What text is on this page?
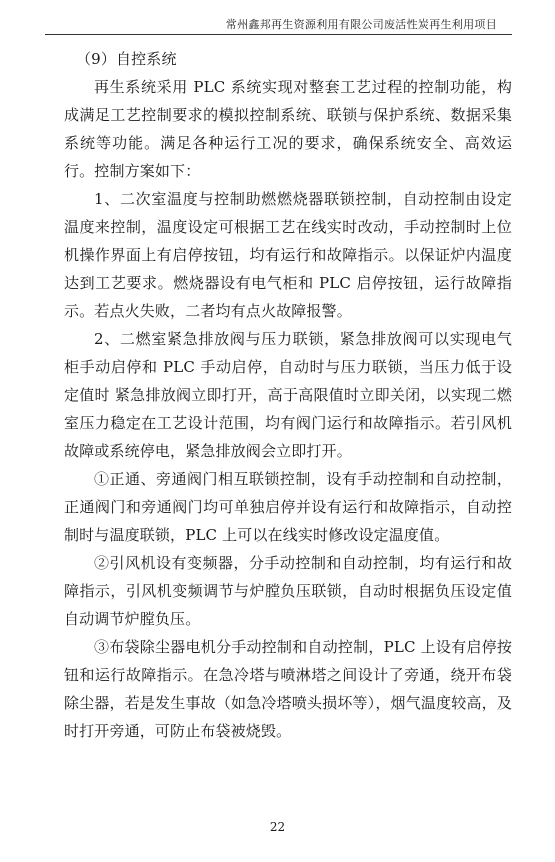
常州鑫邦再生资源利用有限公司废活性炭再生利用项目
（9）自控系统

再生系统采用 PLC 系统实现对整套工艺过程的控制功能，构成满足工艺控制要求的模拟控制系统、联锁与保护系统、数据采集系统等功能。满足各种运行工况的要求，确保系统安全、高效运行。控制方案如下：

1、二次室温度与控制助燃燃烧器联锁控制，自动控制由设定温度来控制，温度设定可根据工艺在线实时改动，手动控制时上位机操作界面上有启停按钮，均有运行和故障指示。以保证炉内温度达到工艺要求。燃烧器设有电气柜和 PLC 启停按钮，运行故障指示。若点火失败，二者均有点火故障报警。

2、二燃室紧急排放阀与压力联锁，紧急排放阀可以实现电气柜手动启停和 PLC 手动启停，自动时与压力联锁，当压力低于设定值时 紧急排放阀立即打开，高于高限值时立即关闭，以实现二燃室压力稳定在工艺设计范围，均有阀门运行和故障指示。若引风机故障或系统停电，紧急排放阀会立即打开。

①正通、旁通阀门相互联锁控制，设有手动控制和自动控制，正通阀门和旁通阀门均可单独启停并设有运行和故障指示，自动控制时与温度联锁，PLC 上可以在线实时修改设定温度值。

②引风机设有变频器，分手动控制和自动控制，均有运行和故障指示，引风机变频调节与炉膛负压联锁，自动时根据负压设定值自动调节炉膛负压。

③布袋除尘器电机分手动控制和自动控制，PLC 上设有启停按钮和运行故障指示。在急冷塔与喷淋塔之间设计了旁通，绕开布袋除尘器，若是发生事故（如急冷塔喷头损坏等），烟气温度较高，及时打开旁通，可防止布袋被烧毁。

22
